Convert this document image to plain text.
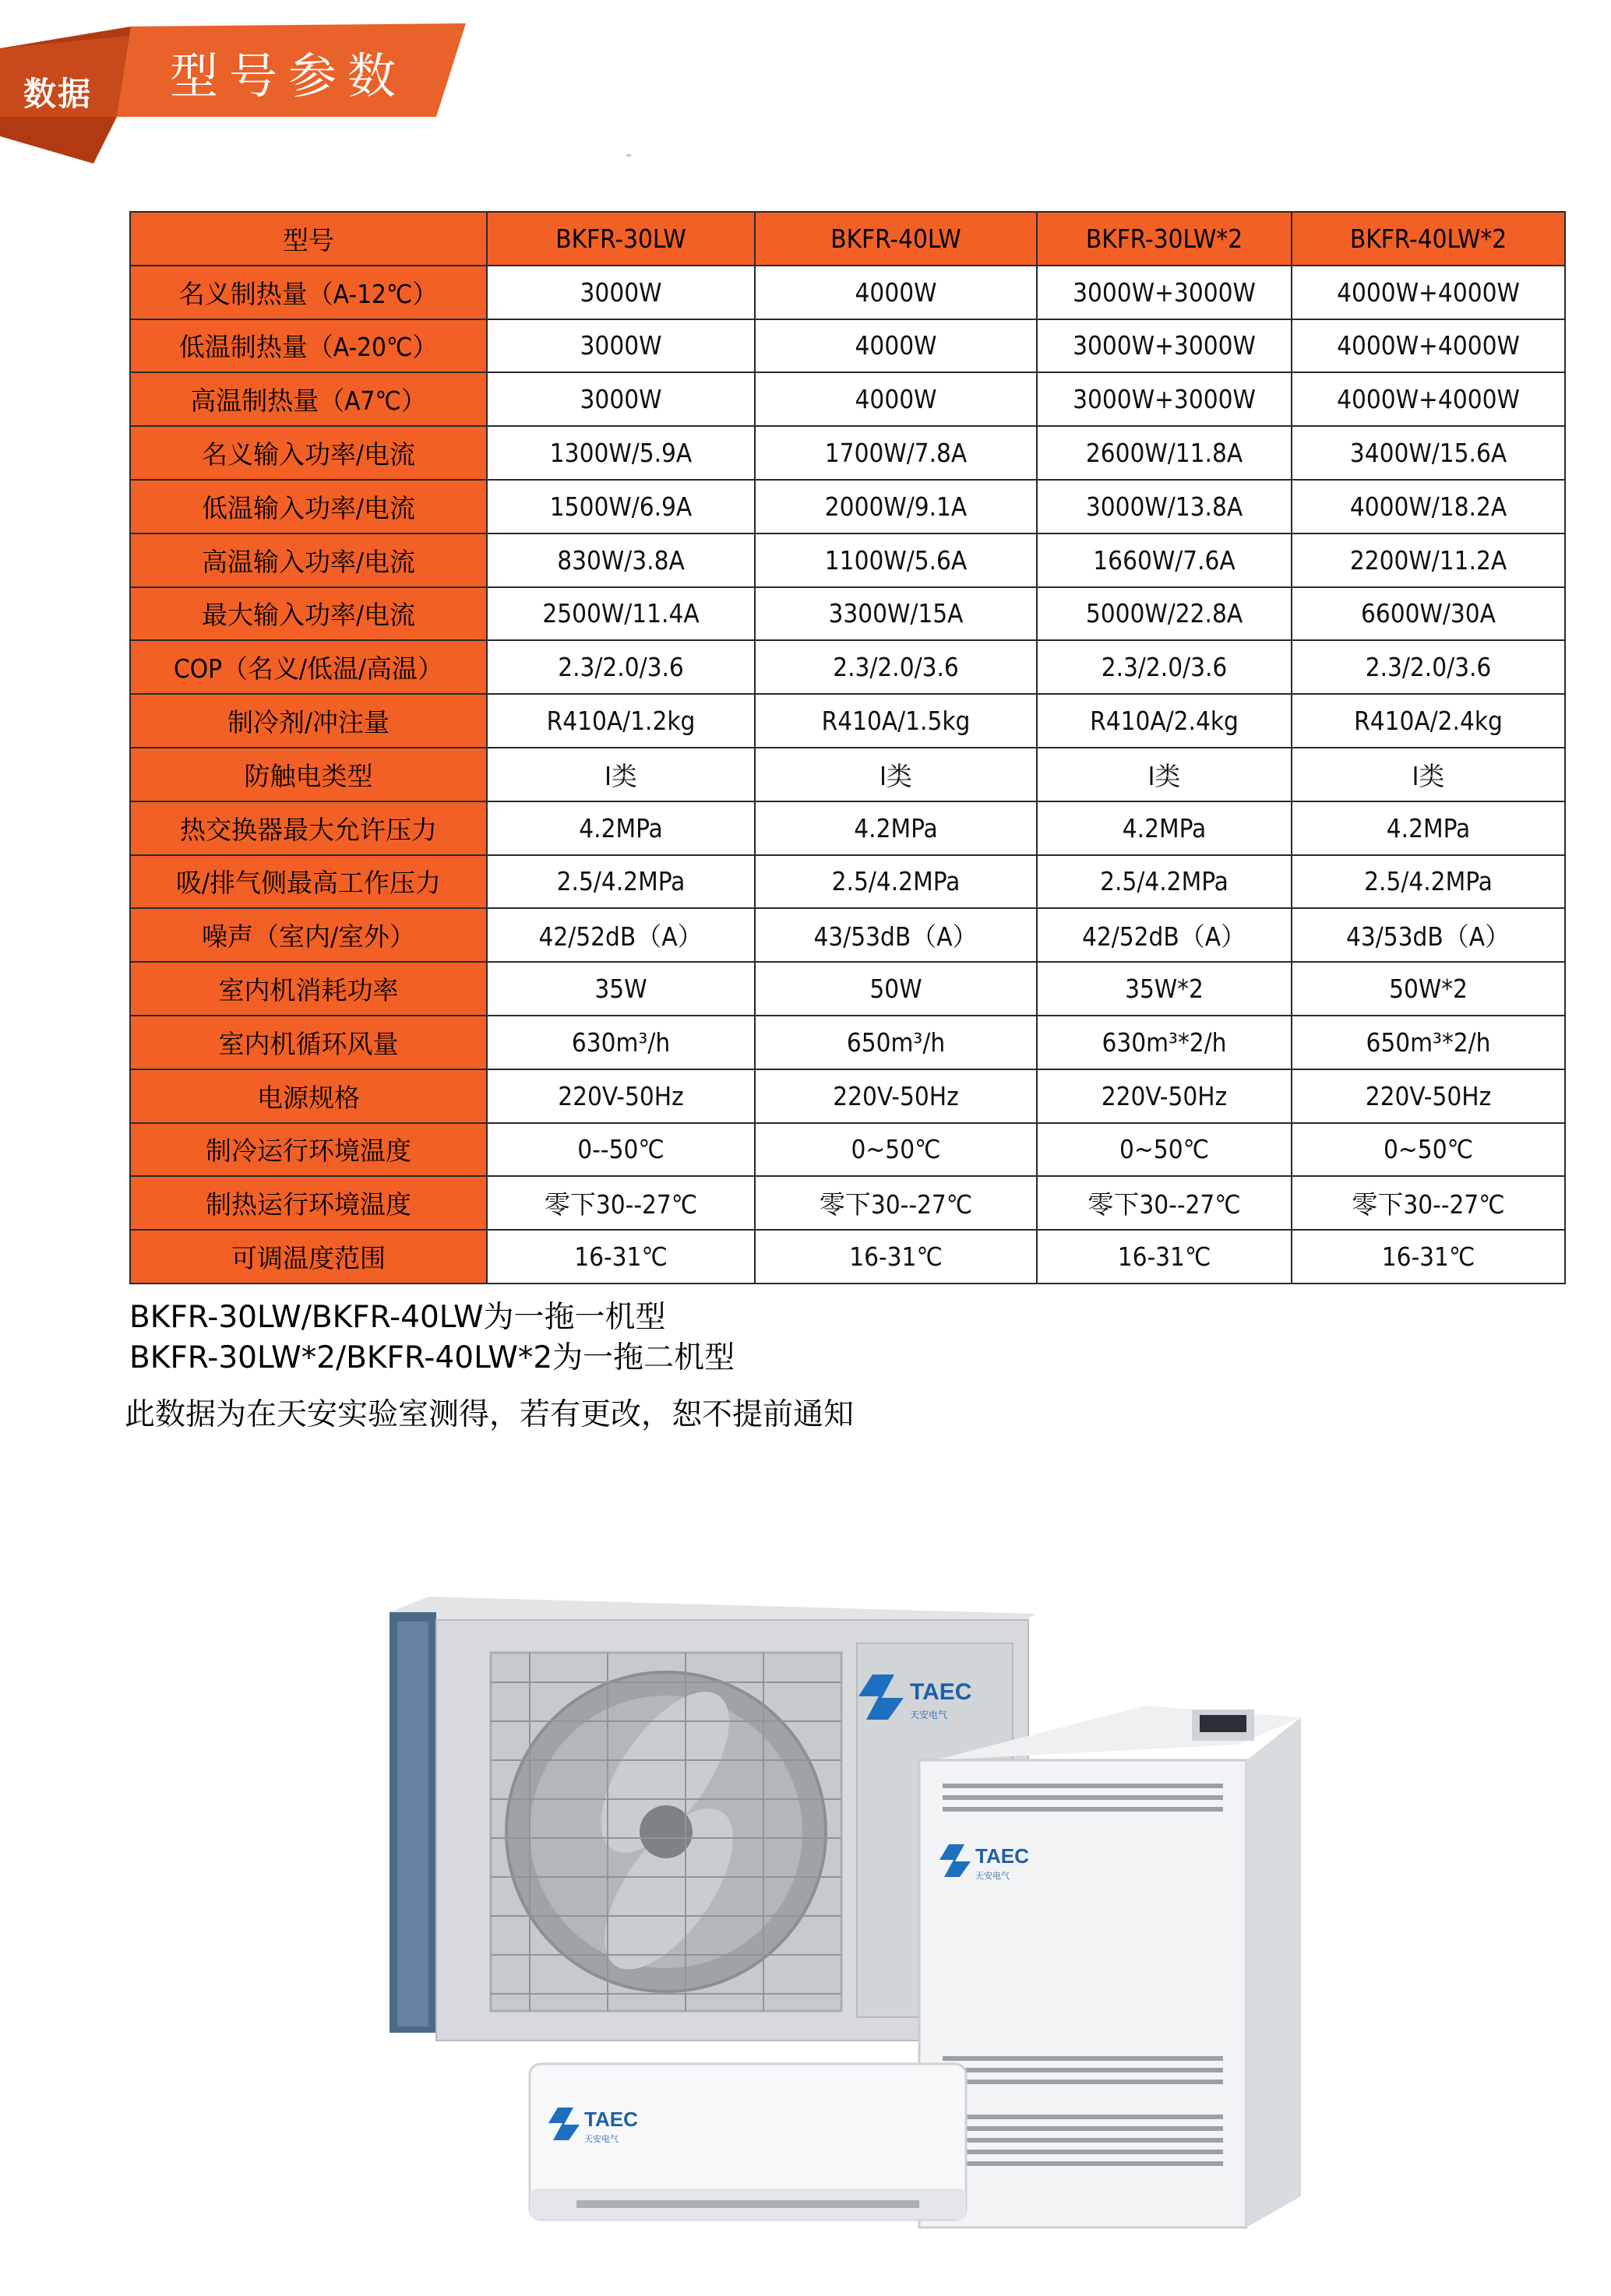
数据	型号参数
型号	BKFR-30LW	BKFR-40LW	BKFR-30LW*2	BKFR-40LW*2
名义制热量（A-12℃）	3000W	4000W	3000W+3000W	4000W+4000W
低温制热量（A-20℃）	3000W	4000W	3000W+3000W	4000W+4000W
高温制热量（A7℃）	3000W	4000W	3000W+3000W	4000W+4000W
名义输入功率/电流	1300W/5.9A	1700W/7.8A	2600W/11.8A	3400W/15.6A
低温输入功率/电流	1500W/6.9A	2000W/9.1A	3000W/13.8A	4000W/18.2A
高温输入功率/电流	830W/3.8A	1100W/5.6A	1660W/7.6A	2200W/11.2A
最大输入功率/电流	2500W/11.4A	3300W/15A	5000W/22.8A	6600W/30A
COP（名义/低温/高温）	2.3/2.0/3.6	2.3/2.0/3.6	2.3/2.0/3.6	2.3/2.0/3.6
制冷剂/冲注量	R410A/1.2kg	R410A/1.5kg	R410A/2.4kg	R410A/2.4kg
防触电类型	Ⅰ类	Ⅰ类	Ⅰ类	Ⅰ类
热交换器最大允许压力	4.2MPa	4.2MPa	4.2MPa	4.2MPa
吸/排气侧最高工作压力	2.5/4.2MPa	2.5/4.2MPa	2.5/4.2MPa	2.5/4.2MPa
噪声（室内/室外）	42/52dB（A）	43/53dB（A）	42/52dB（A）	43/53dB（A）
室内机消耗功率	35W	50W	35W*2	50W*2
室内机循环风量	630m³/h	650m³/h	630m³*2/h	650m³*2/h
电源规格	220V-50Hz	220V-50Hz	220V-50Hz	220V-50Hz
制冷运行环境温度	0--50℃	0~50℃	0~50℃	0~50℃
制热运行环境温度	零下30--27℃	零下30--27℃	零下30--27℃	零下30--27℃
可调温度范围	16-31℃	16-31℃	16-31℃	16-31℃
BKFR-30LW/BKFR-40LW为一拖一机型
BKFR-30LW*2/BKFR-40LW*2为一拖二机型
此数据为在天安实验室测得，若有更改，恕不提前通知
TAEC
天安电气
TAEC
天安电气
TAEC
天安电气
